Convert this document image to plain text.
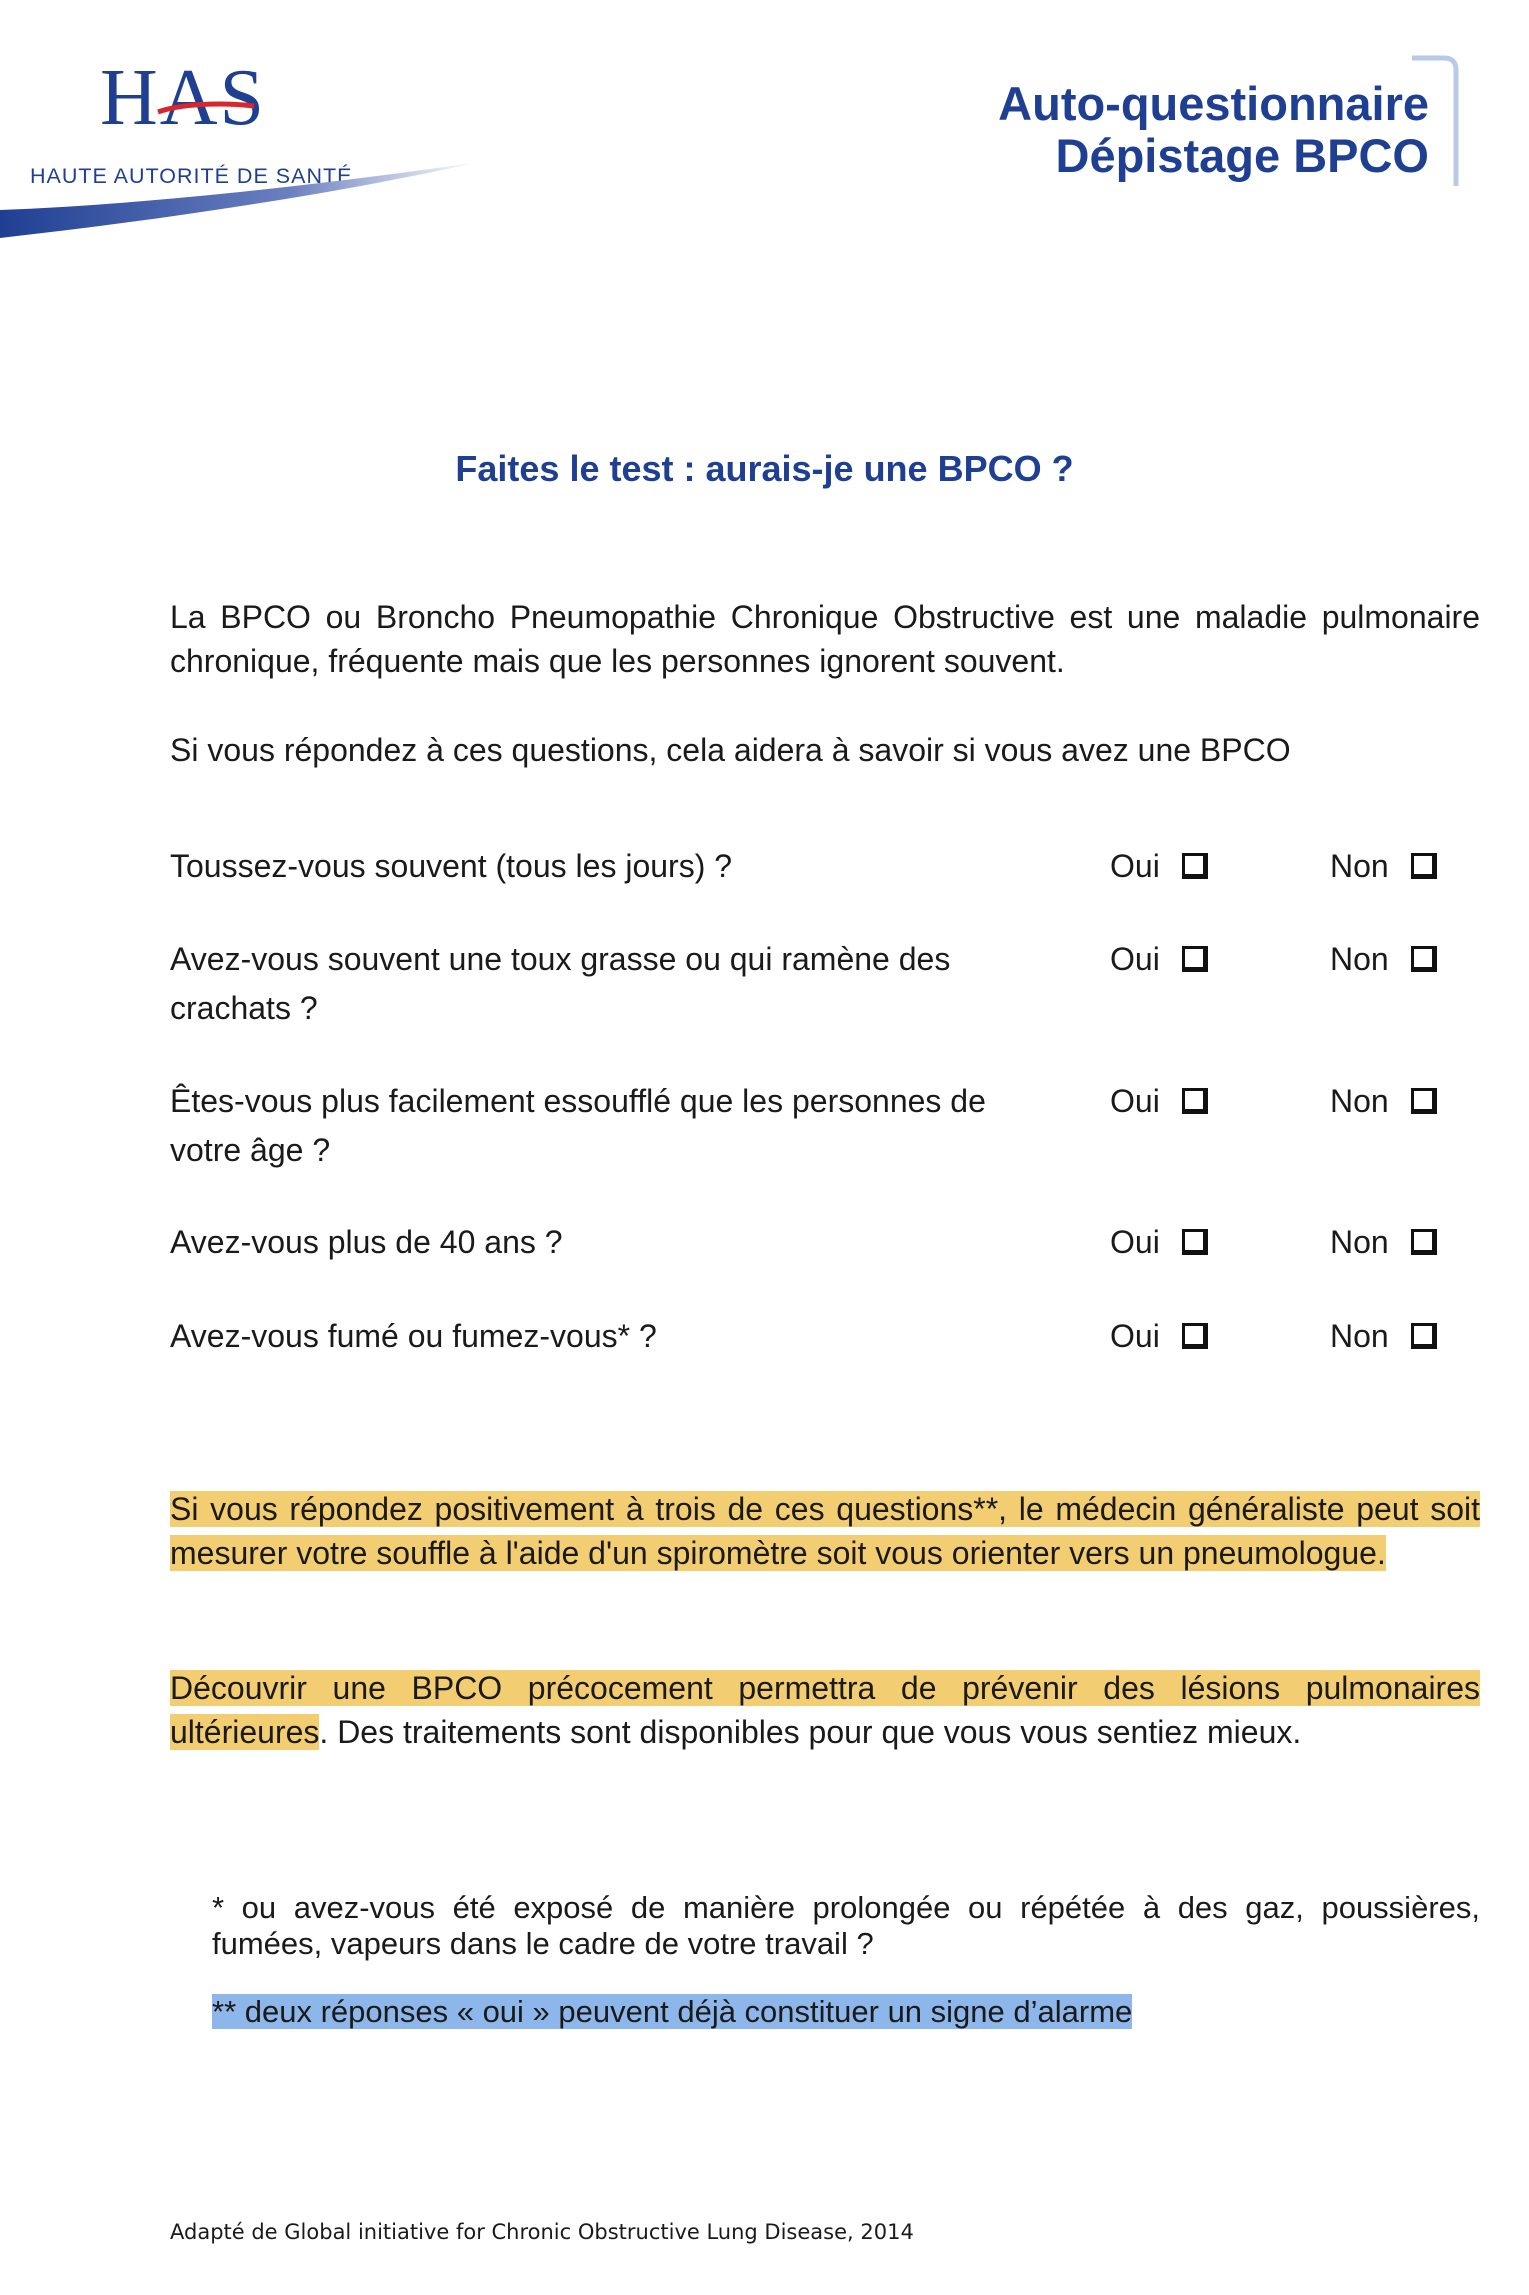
HAS
HAUTE AUTORITÉ DE SANTÉ
Auto-questionnaire
Dépistage BPCO
Faites le test : aurais-je une BPCO ?
La BPCO ou Broncho Pneumopathie Chronique Obstructive est une maladie pulmonaire chronique, fréquente mais que les personnes ignorent souvent.
Si vous répondez à ces questions, cela aidera à savoir si vous avez une BPCO
Toussez-vous souvent (tous les jours) ?	Oui	Non
Avez-vous souvent une toux grasse ou qui ramène des crachats ?
Oui	Non
Êtes-vous plus facilement essoufflé que les personnes de votre âge ?
Oui	Non
Avez-vous plus de 40 ans ?	Oui	Non
Avez-vous fumé ou fumez-vous* ?	Oui	Non
Si vous répondez positivement à trois de ces questions**, le médecin généraliste peut soit mesurer votre souffle à l'aide d'un spiromètre soit vous orienter vers un pneumologue.
Découvrir une BPCO précocement permettra de prévenir des lésions pulmonaires ultérieures. Des traitements sont disponibles pour que vous vous sentiez mieux.
* ou avez-vous été exposé de manière prolongée ou répétée à des gaz, poussières, fumées, vapeurs dans le cadre de votre travail ?
** deux réponses « oui » peuvent déjà constituer un signe d’alarme
Adapté de Global initiative for Chronic Obstructive Lung Disease, 2014
